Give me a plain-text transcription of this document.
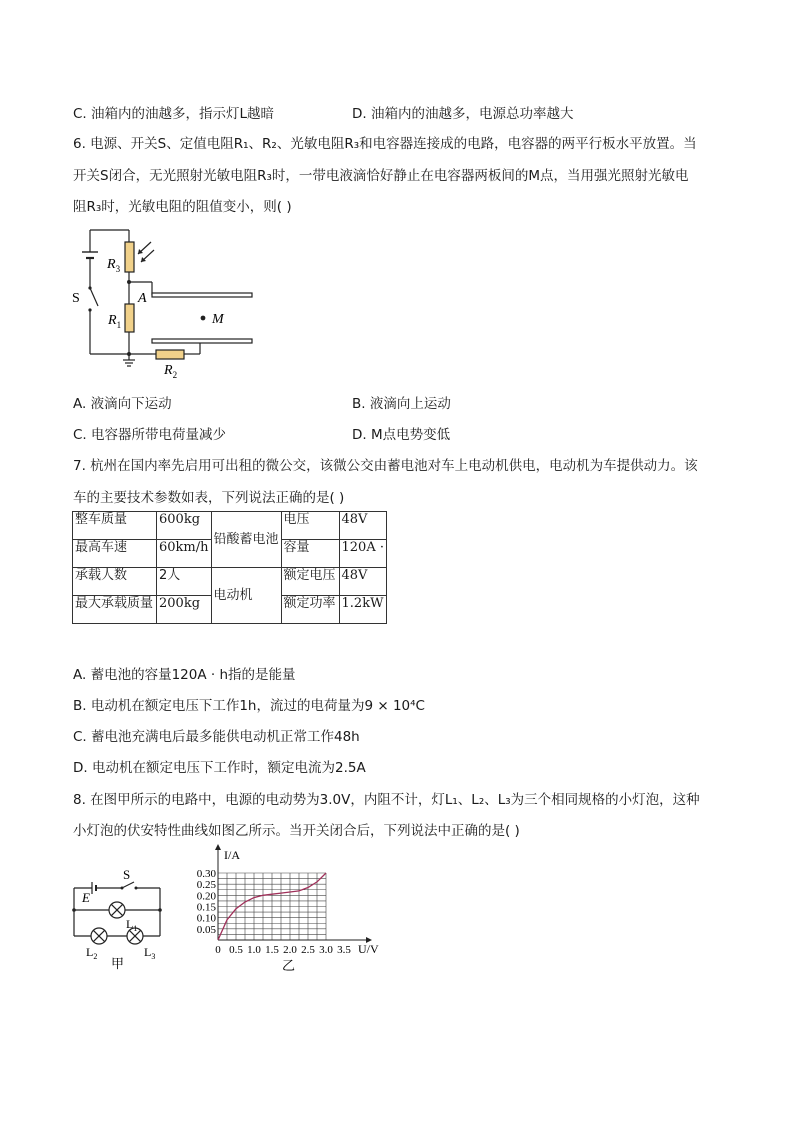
C. 油箱内的油越多，指示灯L越暗	D. 油箱内的油越多，电源总功率越大
6. 电源、开关S、定值电阻R₁、R₂、光敏电阻R₃和电容器连接成的电路，电容器的两平行板水平放置。当
开关S闭合，无光照射光敏电阻R₃时，一带电液滴恰好静止在电容器两板间的M点，当用强光照射光敏电
阻R₃时，光敏电阻的阻值变小，则( )
$R_3$
S	A
$R_1$	M
$R_2$
A. 液滴向下运动	B. 液滴向上运动
C. 电容器所带电荷量减少	D. M点电势变低
7. 杭州在国内率先启用可出租的微公交，该微公交由蓄电池对车上电动机供电，电动机为车提供动力。该
车的主要技术参数如表，下列说法正确的是( )
整车质量	600kg	铅酸蓄电池	电压	48V
最高车速	60km/h		容量	120A ·
承载人数	2人	电动机	额定电压	48V
最大承载质量	200kg		额定功率	1.2kW
A. 蓄电池的容量120A · h指的是能量
B. 电动机在额定电压下工作1h，流过的电荷量为9 × 10⁴C
C. 蓄电池充满电后最多能供电动机正常工作48h
D. 电动机在额定电压下工作时，额定电流为2.5A
8. 在图甲所示的电路中，电源的电动势为3.0V，内阻不计，灯L₁、L₂、L₃为三个相同规格的小灯泡，这种
小灯泡的伏安特性曲线如图乙所示。当开关闭合后，下列说法中正确的是( )
S
E
$L_1$
$L_2$	$L_3$
甲
0.30
0.25
0.20
0.15
0.10
0.05
0 0.5 1.0 1.5 2.0 2.5 3.0 3.5
I/A
U/V
乙
